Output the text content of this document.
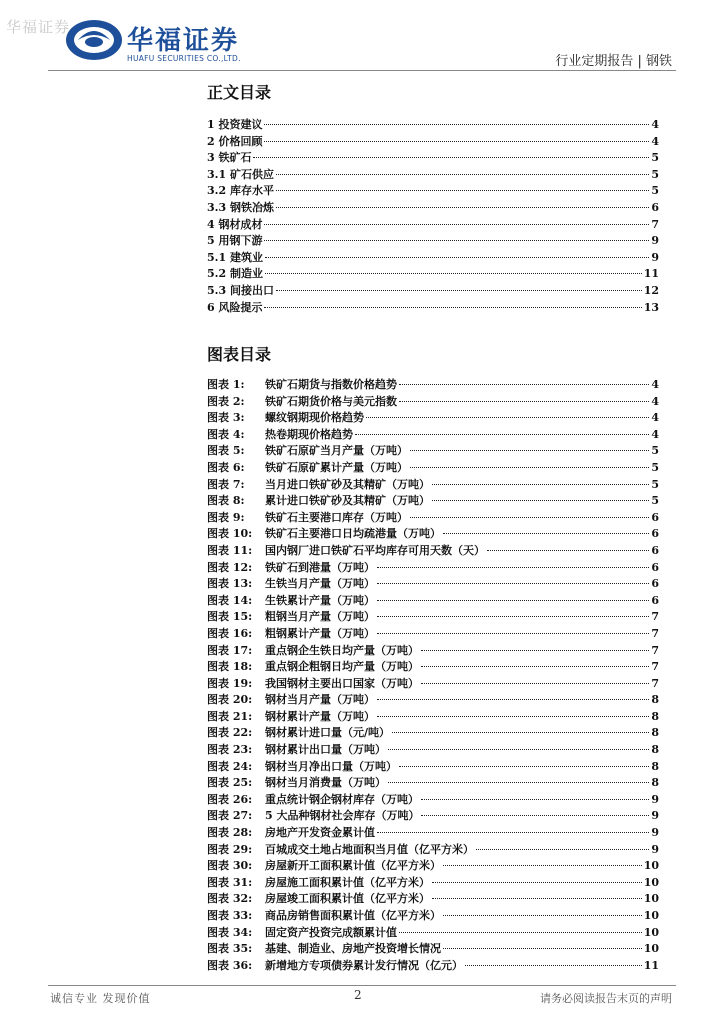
华福证券 华福证券
HUAFU SECURITIES CO.,LTD.	行业定期报告 | 钢铁
正文目录
1 投资建议	4
2 价格回顾	4
3 铁矿石	5
3.1 矿石供应	5
3.2 库存水平	5
3.3 钢铁冶炼	6
4 钢材成材	7
5 用钢下游	9
5.1 建筑业	9
5.2 制造业	11
5.3 间接出口	12
6 风险提示	13
图表目录
图表 1:	铁矿石期货与指数价格趋势	4
图表 2:	铁矿石期货价格与美元指数	4
图表 3:	螺纹钢期现价格趋势	4
图表 4:	热卷期现价格趋势	4
图表 5:	铁矿石原矿当月产量（万吨）	5
图表 6:	铁矿石原矿累计产量（万吨）	5
图表 7:	当月进口铁矿砂及其精矿（万吨）	5
图表 8:	累计进口铁矿砂及其精矿（万吨）	5
图表 9:	铁矿石主要港口库存（万吨）	6
图表 10:	铁矿石主要港口日均疏港量（万吨）	6
图表 11:	国内钢厂进口铁矿石平均库存可用天数（天）	6
图表 12:	铁矿石到港量（万吨）	6
图表 13:	生铁当月产量（万吨）	6
图表 14:	生铁累计产量（万吨）	6
图表 15:	粗钢当月产量（万吨）	7
图表 16:	粗钢累计产量（万吨）	7
图表 17:	重点钢企生铁日均产量（万吨）	7
图表 18:	重点钢企粗钢日均产量（万吨）	7
图表 19:	我国钢材主要出口国家（万吨）	7
图表 20:	钢材当月产量（万吨）	8
图表 21:	钢材累计产量（万吨）	8
图表 22:	钢材累计进口量（元/吨）	8
图表 23:	钢材累计出口量（万吨）	8
图表 24:	钢材当月净出口量（万吨）	8
图表 25:	钢材当月消费量（万吨）	8
图表 26:	重点统计钢企钢材库存（万吨）	9
图表 27:	5 大品种钢材社会库存（万吨）	9
图表 28:	房地产开发资金累计值	9
图表 29:	百城成交土地占地面积当月值（亿平方米）	9
图表 30:	房屋新开工面积累计值（亿平方米）	10
图表 31:	房屋施工面积累计值（亿平方米）	10
图表 32:	房屋竣工面积累计值（亿平方米）	10
图表 33:	商品房销售面积累计值（亿平方米）	10
图表 34:	固定资产投资完成额累计值	10
图表 35:	基建、制造业、房地产投资增长情况	10
图表 36:	新增地方专项债券累计发行情况（亿元）	11
诚信专业 发现价值	2	请务必阅读报告末页的声明
